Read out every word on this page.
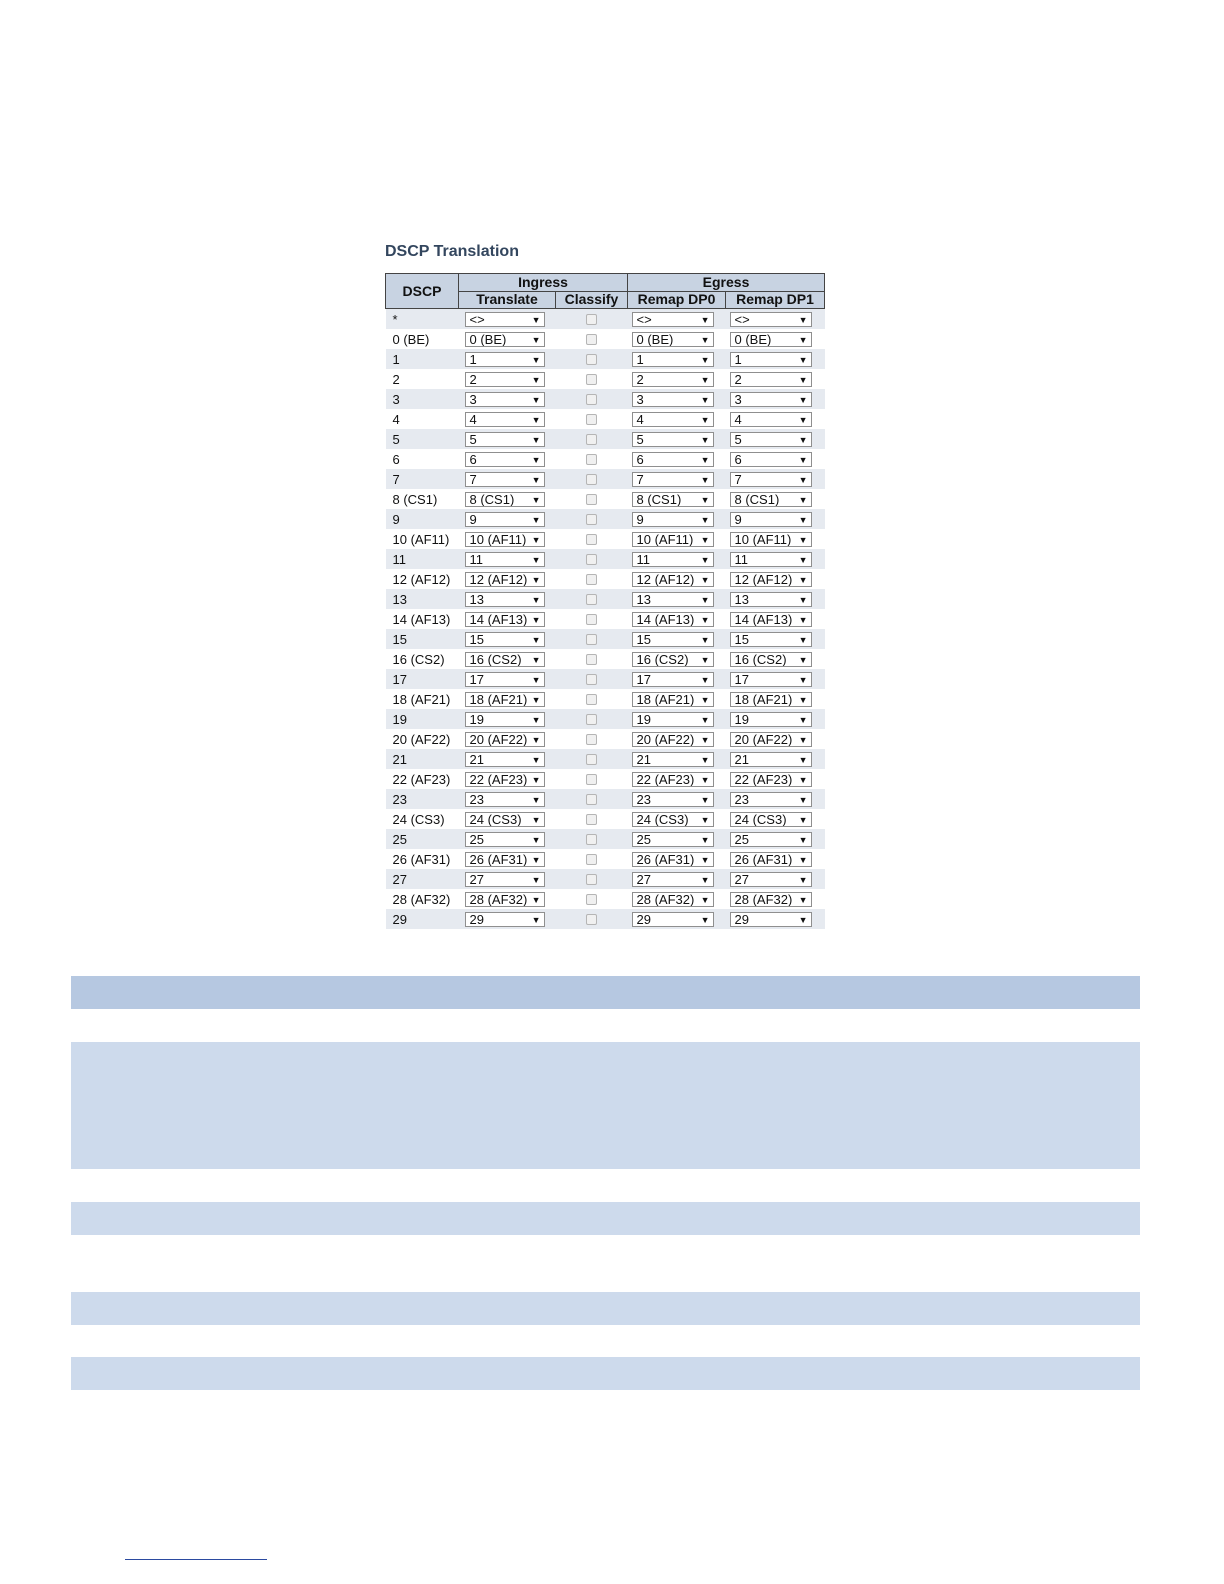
DSCP Translation
DSCP	Ingress		Egress	
	Translate	Classify	Remap DP0	Remap DP1
*	<> ▼		<> ▼	<> ▼

0 (BE)	0 (BE) ▼		0 (BE) ▼	0 (BE) ▼

1	1 ▼		1 ▼	1 ▼

2	2 ▼		2 ▼	2 ▼

3	3 ▼		3 ▼	3 ▼

4	4 ▼		4 ▼	4 ▼

5	5 ▼		5 ▼	5 ▼

6	6 ▼		6 ▼	6 ▼

7	7 ▼		7 ▼	7 ▼

8 (CS1)	8 (CS1) ▼		8 (CS1) ▼	8 (CS1) ▼

9	9 ▼		9 ▼	9 ▼

10 (AF11)	10 (AF11) ▼		10 (AF11) ▼	10 (AF11) ▼

11	11 ▼		11 ▼	11 ▼

12 (AF12)	12 (AF12) ▼		12 (AF12) ▼	12 (AF12) ▼

13	13 ▼		13 ▼	13 ▼

14 (AF13)	14 (AF13) ▼		14 (AF13) ▼	14 (AF13) ▼

15	15 ▼		15 ▼	15 ▼

16 (CS2)	16 (CS2) ▼		16 (CS2) ▼	16 (CS2) ▼

17	17 ▼		17 ▼	17 ▼

18 (AF21)	18 (AF21) ▼		18 (AF21) ▼	18 (AF21) ▼

19	19 ▼		19 ▼	19 ▼

20 (AF22)	20 (AF22) ▼		20 (AF22) ▼	20 (AF22) ▼

21	21 ▼		21 ▼	21 ▼

22 (AF23)	22 (AF23) ▼		22 (AF23) ▼	22 (AF23) ▼

23	23 ▼		23 ▼	23 ▼

24 (CS3)	24 (CS3) ▼		24 (CS3) ▼	24 (CS3) ▼

25	25 ▼		25 ▼	25 ▼

26 (AF31)	26 (AF31) ▼		26 (AF31) ▼	26 (AF31) ▼

27	27 ▼		27 ▼	27 ▼

28 (AF32)	28 (AF32) ▼		28 (AF32) ▼	28 (AF32) ▼

29	29 ▼		29 ▼	29 ▼
